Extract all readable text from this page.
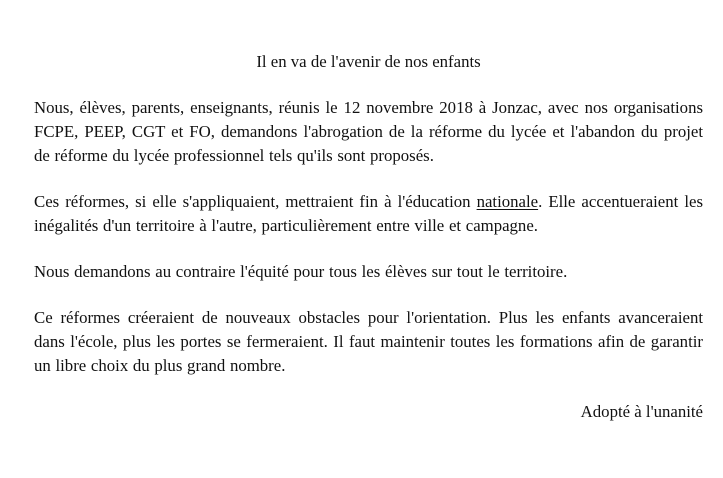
Il en va de l'avenir de nos enfants

Nous, élèves, parents, enseignants, réunis le 12 novembre 2018 à Jonzac, avec nos organisations FCPE, PEEP, CGT et FO, demandons l'abrogation de la réforme du lycée et l'abandon du projet de réforme du lycée professionnel tels qu'ils sont proposés.

Ces réformes, si elle s'appliquaient, mettraient fin à l'éducation nationale. Elle accentueraient les inégalités d'un territoire à l'autre, particulièrement entre ville et campagne.

Nous demandons au contraire l'équité pour tous les élèves sur tout le territoire.

Ce réformes créeraient de nouveaux obstacles pour l'orientation. Plus les enfants avanceraient dans l'école, plus les portes se fermeraient. Il faut maintenir toutes les formations afin de garantir un libre choix du plus grand nombre.

Adopté à l'unanité
